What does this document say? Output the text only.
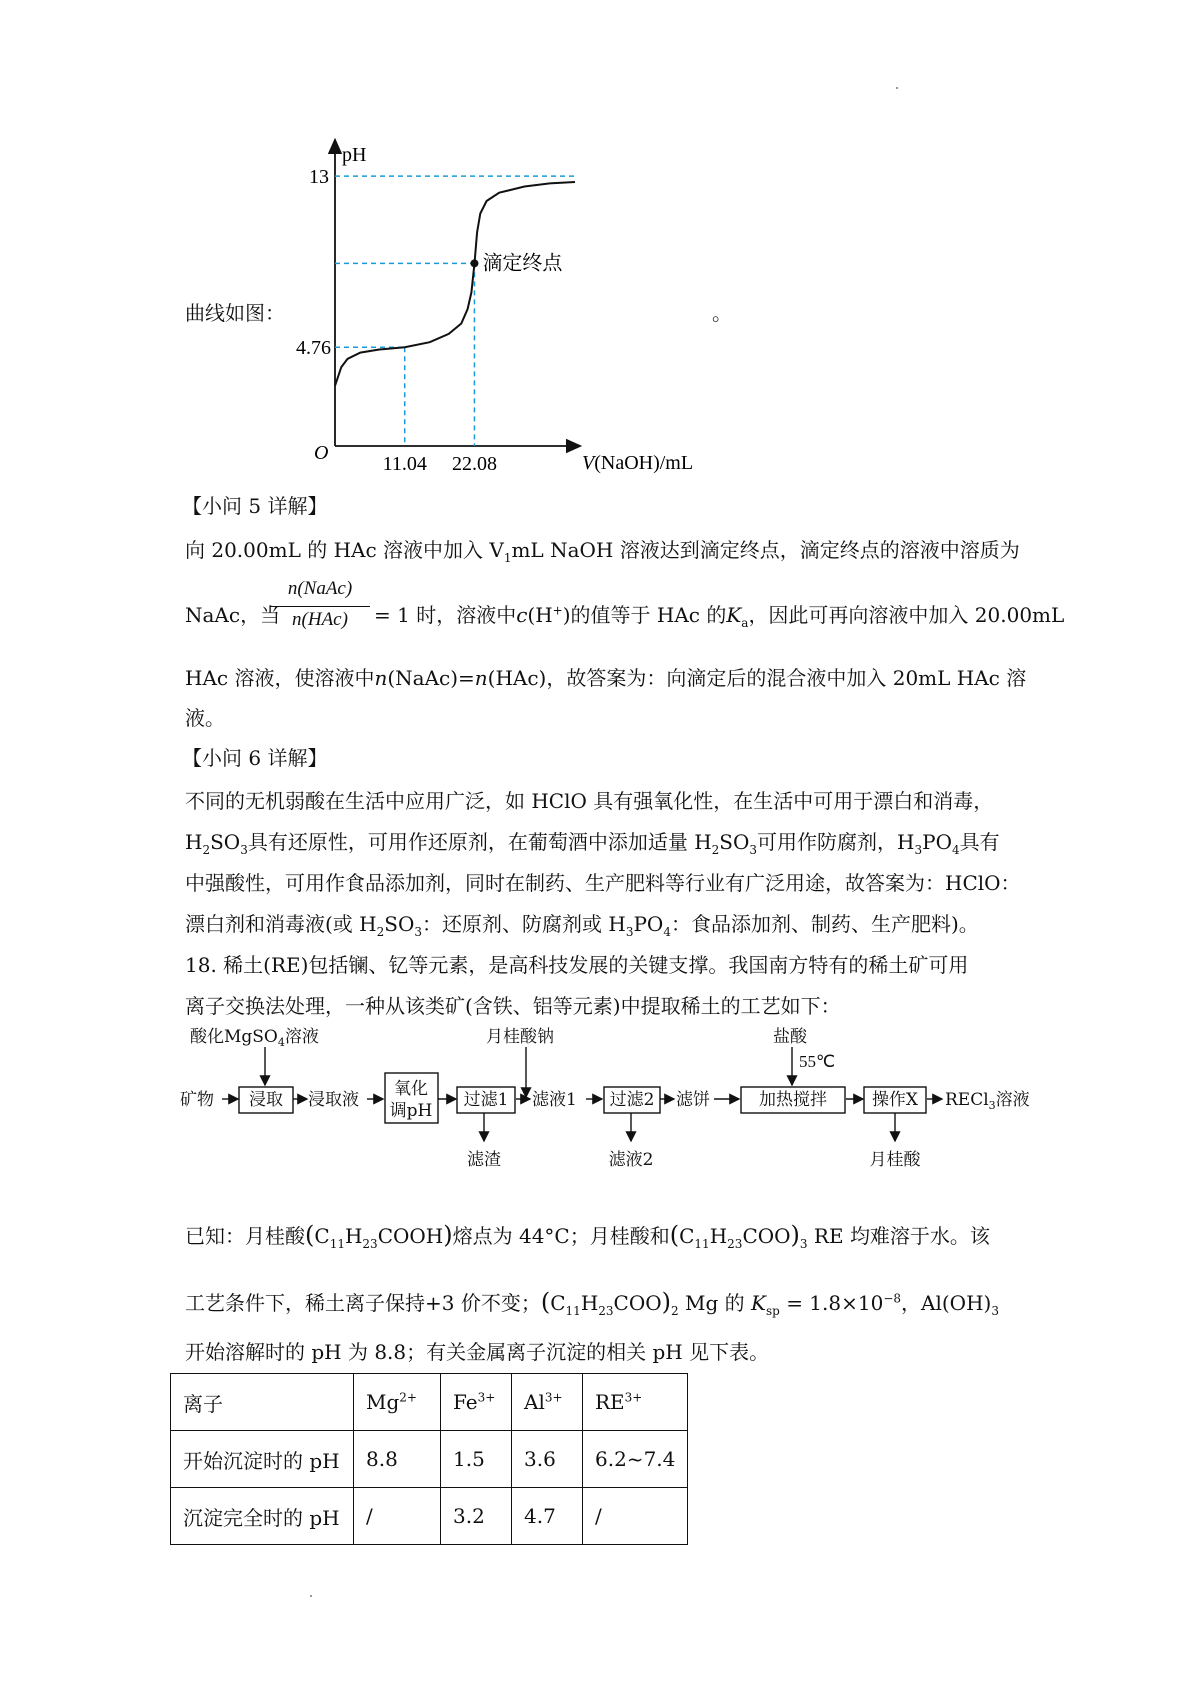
曲线如图：	。
pH
O
13
4.76
11.04 22.08	V(NaOH)/mL
滴定终点
【小问 5 详解】
向 20.00mL 的 HAc 溶液中加入 $V_1mL$ NaOH 溶液达到滴定终点，滴定终点的溶液中溶质为
NaAc，当
n(NaAc)
n(HAc)	= 1 时，溶液中c(H+)的值等于 HAc 的$K_a$，因此可再向溶液中加入 20.00mL
HAc 溶液，使溶液中n(NaAc)=n(HAc)，故答案为：向滴定后的混合液中加入 20mL HAc 溶
液。
【小问 6 详解】
不同的无机弱酸在生活中应用广泛，如 HClO 具有强氧化性，在生活中可用于漂白和消毒，
$H_2SO_3$具有还原性，可用作还原剂，在葡萄酒中添加适量 $H_2SO_3$可用作防腐剂，$H_3PO_4$具有
中强酸性，可用作食品添加剂，同时在制药、生产肥料等行业有广泛用途，故答案为：HClO：
漂白剂和消毒液(或 $H_2SO_3$：还原剂、防腐剂或 $H_3PO_4$：食品添加剂、制药、生产肥料)。
18. 稀土(RE)包括镧、钇等元素，是高科技发展的关键支撑。我国南方特有的稀土矿可用
离子交换法处理，一种从该类矿(含铁、铝等元素)中提取稀土的工艺如下：
酸化MgSO$_4$溶液	月桂酸钠	盐酸
55℃
矿物 浸取 浸取液
氧化
调pH
过滤1 滤液1 过滤2 滤饼	加热搅拌	操作X RECl$_3$溶液
滤渣	滤液2	月桂酸
已知：月桂酸$(C_{11}H_{23}COOH)$熔点为 44°C；月桂酸和$(C_{11}H_{23}COO)_3$ RE 均难溶于水。该
工艺条件下，稀土离子保持+3 价不变；$(C_{11}H_{23}COO)_2$ Mg 的 $K_{sp} = 1.8\times 10^{-8}$，$Al(OH)_3$
开始溶解时的 pH 为 8.8；有关金属离子沉淀的相关 pH 见下表。
离子	$Mg^{2+}$	$Fe^{3+}$	$Al^{3+}$	$RE^{3+}$
开始沉淀时的 pH	8.8	1.5	3.6	6.2~7.4
沉淀完全时的 pH	/	3.2	4.7	/
